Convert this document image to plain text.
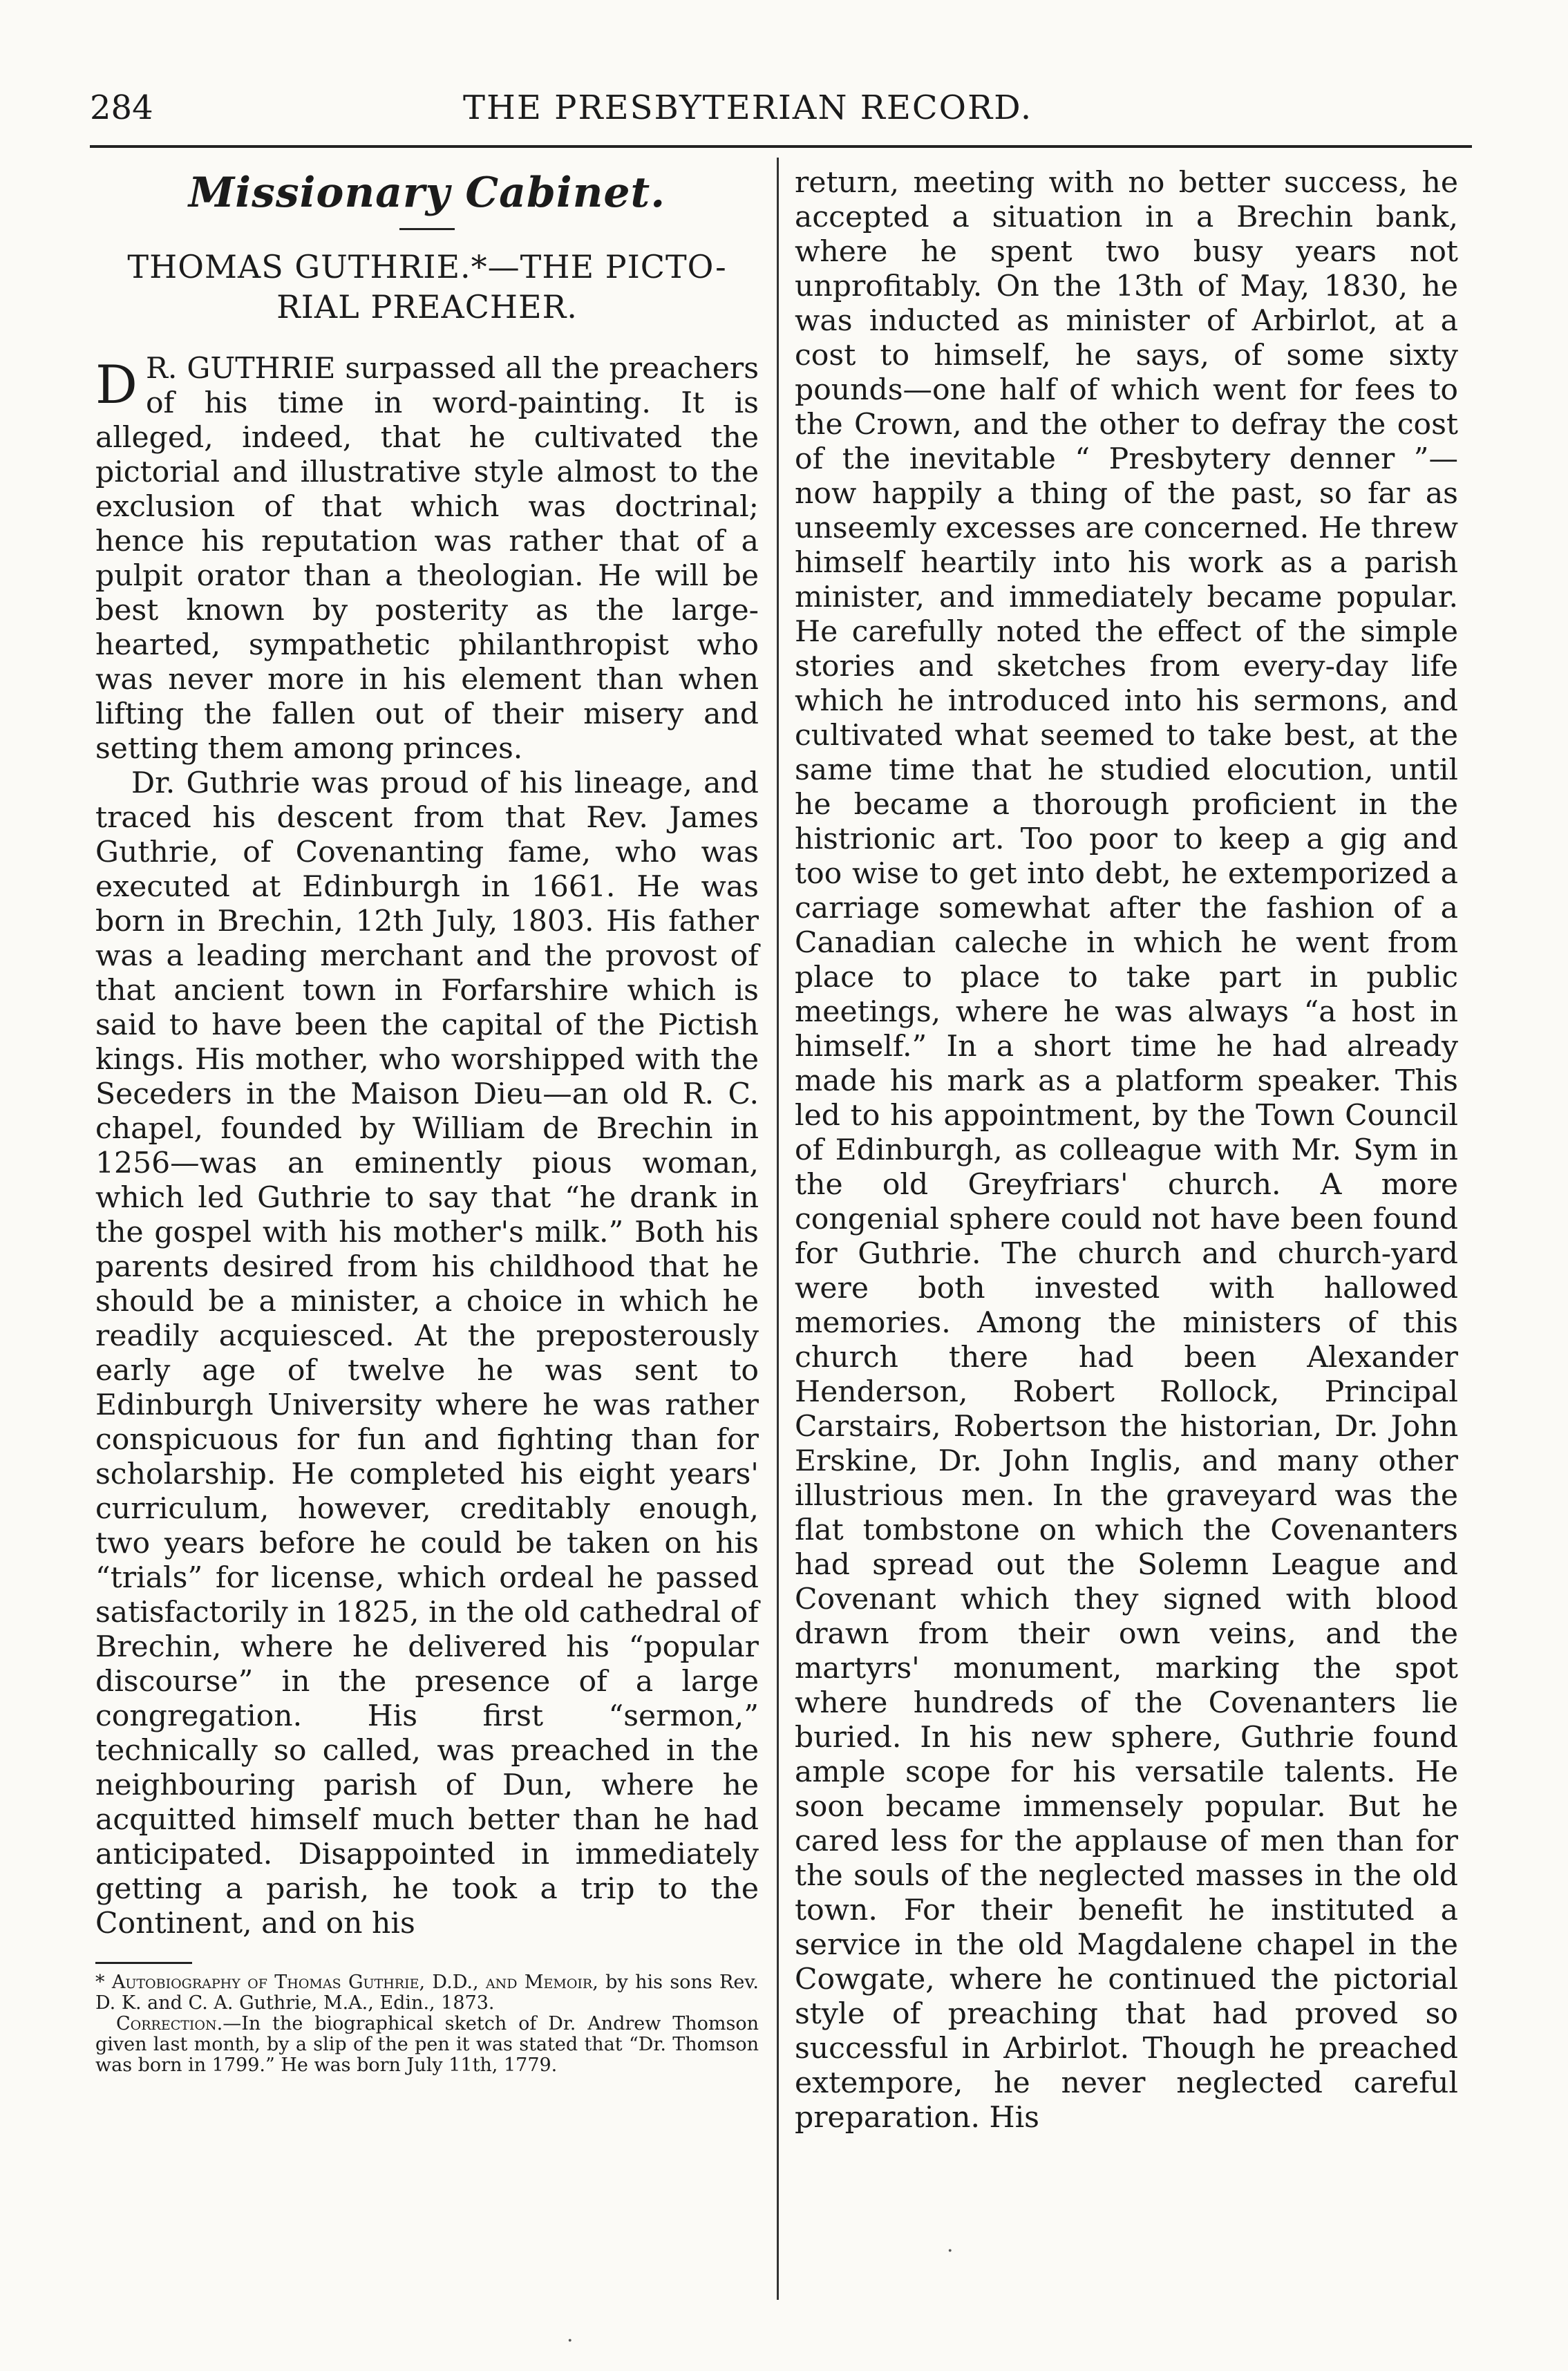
284	THE PRESBYTERIAN RECORD.
Missionary Cabinet.
THOMAS GUTHRIE.*—THE PICTO-
RIAL PREACHER.

D R. GUTHRIE surpassed all the preachers of his time in word-painting. It is alleged, indeed, that he cultivated the pictorial and illustrative style almost to the exclusion of that which was doctrinal; hence his reputation was rather that of a pulpit orator than a theologian. He will be best known by posterity as the large-hearted, sympathetic philanthropist who was never more in his element than when lifting the fallen out of their misery and setting them among princes.

Dr. Guthrie was proud of his lineage, and traced his descent from that Rev. James Guthrie, of Covenanting fame, who was executed at Edinburgh in 1661. He was born in Brechin, 12th July, 1803. His father was a leading merchant and the provost of that ancient town in Forfarshire which is said to have been the capital of the Pictish kings. His mother, who worshipped with the Seceders in the Maison Dieu—an old R. C. chapel, founded by William de Brechin in 1256—was an eminently pious woman, which led Guthrie to say that “he drank in the gospel with his mother's milk.” Both his parents desired from his childhood that he should be a minister, a choice in which he readily acquiesced. At the preposterously early age of twelve he was sent to Edinburgh University where he was rather conspicuous for fun and fighting than for scholarship. He completed his eight years' curriculum, however, creditably enough, two years before he could be taken on his “trials” for license, which ordeal he passed satisfactorily in 1825, in the old cathedral of Brechin, where he delivered his “popular discourse” in the presence of a large congregation. His first “sermon,” technically so called, was preached in the neighbouring parish of Dun, where he acquitted himself much better than he had anticipated. Disappointed in immediately getting a parish, he took a trip to the Continent, and on his

* Autobiography of Thomas Guthrie, D.D., and Memoir, by his sons Rev. D. K. and C. A. Guthrie, M.A., Edin., 1873.

Correction.—In the biographical sketch of Dr. Andrew Thomson given last month, by a slip of the pen it was stated that “Dr. Thomson was born in 1799.” He was born July 11th, 1779.

return, meeting with no better success, he accepted a situation in a Brechin bank, where he spent two busy years not unprofitably. On the 13th of May, 1830, he was inducted as minister of Arbirlot, at a cost to himself, he says, of some sixty pounds—one half of which went for fees to the Crown, and the other to defray the cost of the inevitable “ Presbytery denner ”—now happily a thing of the past, so far as unseemly excesses are concerned. He threw himself heartily into his work as a parish minister, and immediately became popular. He carefully noted the effect of the simple stories and sketches from every-day life which he introduced into his sermons, and cultivated what seemed to take best, at the same time that he studied elocution, until he became a thorough proficient in the histrionic art. Too poor to keep a gig and too wise to get into debt, he extemporized a carriage somewhat after the fashion of a Canadian caleche in which he went from place to place to take part in public meetings, where he was always “a host in himself.” In a short time he had already made his mark as a platform speaker. This led to his appointment, by the Town Council of Edinburgh, as colleague with Mr. Sym in the old Greyfriars' church. A more congenial sphere could not have been found for Guthrie. The church and church-yard were both invested with hallowed memories. Among the ministers of this church there had been Alexander Henderson, Robert Rollock, Principal Carstairs, Robertson the historian, Dr. John Erskine, Dr. John Inglis, and many other illustrious men. In the graveyard was the flat tombstone on which the Covenanters had spread out the Solemn League and Covenant which they signed with blood drawn from their own veins, and the martyrs' monument, marking the spot where hundreds of the Covenanters lie buried. In his new sphere, Guthrie found ample scope for his versatile talents. He soon became immensely popular. But he cared less for the applause of men than for the souls of the neglected masses in the old town. For their benefit he instituted a service in the old Magdalene chapel in the Cowgate, where he continued the pictorial style of preaching that had proved so successful in Arbirlot. Though he preached extempore, he never neglected careful preparation. His

·
·
